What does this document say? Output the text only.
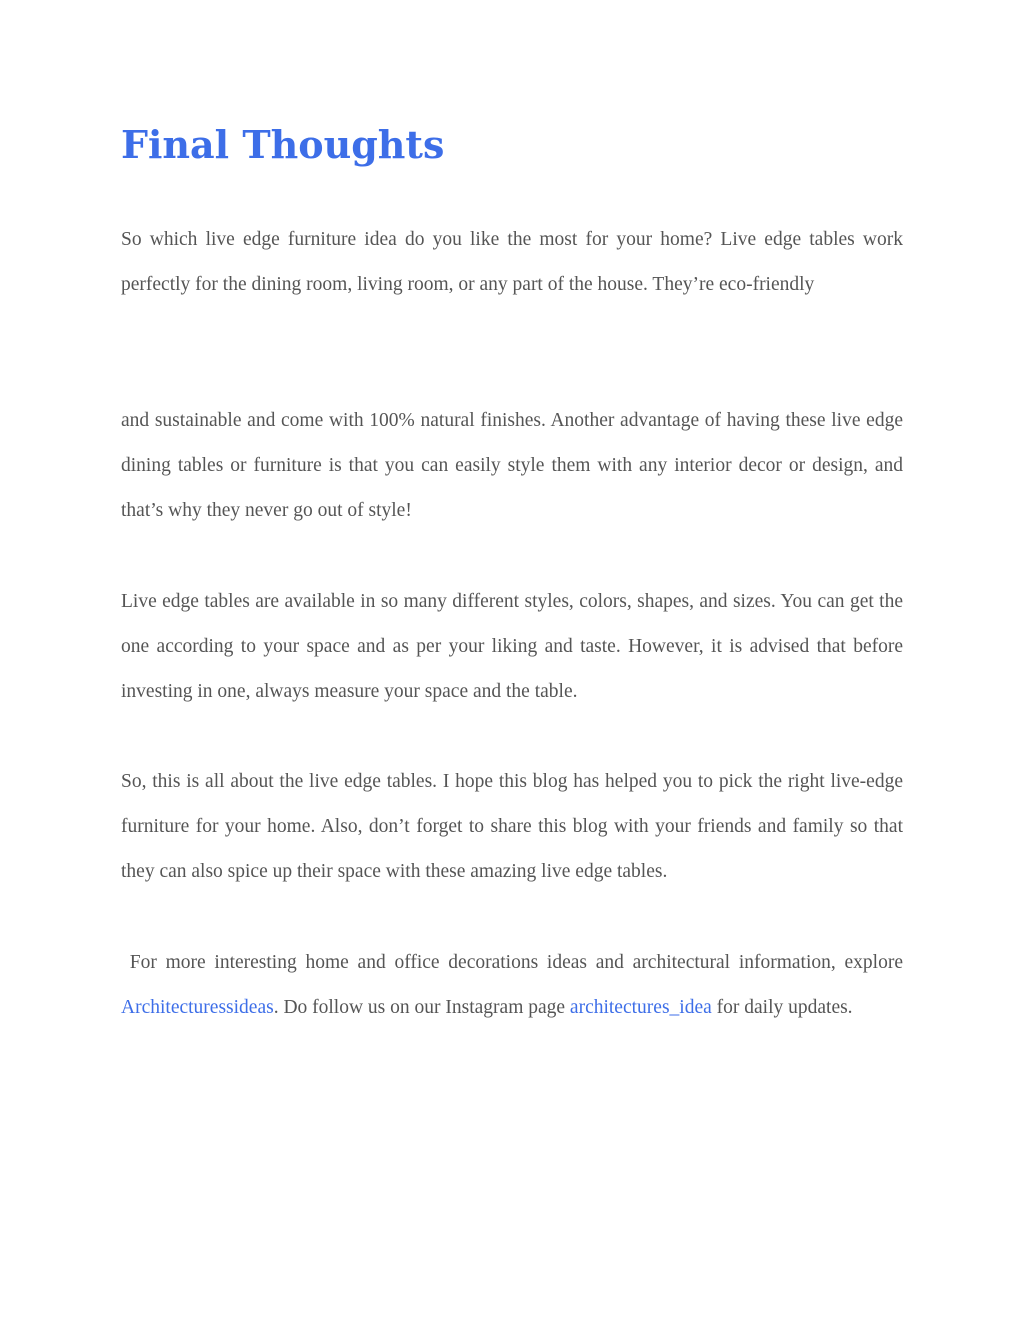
Final Thoughts

So which live edge furniture idea do you like the most for your home? Live edge tables work perfectly for the dining room, living room, or any part of the house. They’re eco-friendly

and sustainable and come with 100% natural finishes. Another advantage of having these live edge dining tables or furniture is that you can easily style them with any interior decor or design, and that’s why they never go out of style!

Live edge tables are available in so many different styles, colors, shapes, and sizes. You can get the one according to your space and as per your liking and taste. However, it is advised that before investing in one, always measure your space and the table.

So, this is all about the live edge tables. I hope this blog has helped you to pick the right live-edge furniture for your home. Also, don’t forget to share this blog with your friends and family so that they can also spice up their space with these amazing live edge tables.

For more interesting home and office decorations ideas and architectural information, explore Architecturessideas. Do follow us on our Instagram page architectures_idea for daily updates.
